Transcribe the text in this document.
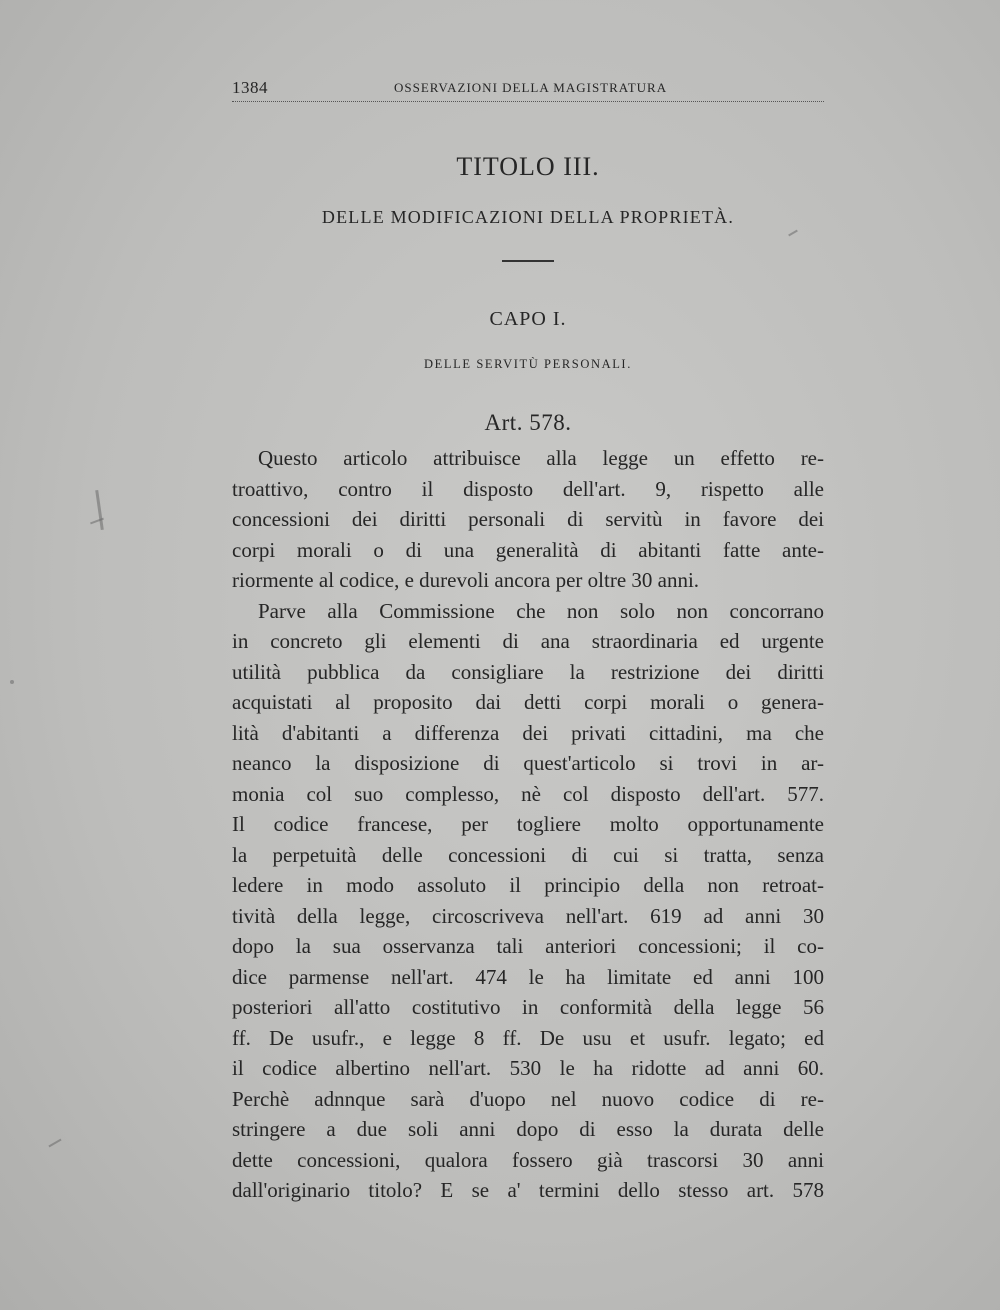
1384	OSSERVAZIONI DELLA MAGISTRATURA
TITOLO III.
DELLE MODIFICAZIONI DELLA PROPRIETÀ.
CAPO I.
DELLE SERVITÙ PERSONALI.
Art. 578.
Questo articolo attribuisce alla legge un effetto re-
troattivo, contro il disposto dell'art. 9, rispetto alle
concessioni dei diritti personali di servitù in favore dei
corpi morali o di una generalità di abitanti fatte ante-
riormente al codice, e durevoli ancora per oltre 30 anni.
Parve alla Commissione che non solo non concorrano
in concreto gli elementi di ana straordinaria ed urgente
utilità pubblica da consigliare la restrizione dei diritti
acquistati al proposito dai detti corpi morali o genera-
lità d'abitanti a differenza dei privati cittadini, ma che
neanco la disposizione di quest'articolo si trovi in ar-
monia col suo complesso, nè col disposto dell'art. 577.
Il codice francese, per togliere molto opportunamente
la perpetuità delle concessioni di cui si tratta, senza
ledere in modo assoluto il principio della non retroat-
tività della legge, circoscriveva nell'art. 619 ad anni 30
dopo la sua osservanza tali anteriori concessioni; il co-
dice parmense nell'art. 474 le ha limitate ed anni 100
posteriori all'atto costitutivo in conformità della legge 56
ff. De usufr., e legge 8 ff. De usu et usufr. legato; ed
il codice albertino nell'art. 530 le ha ridotte ad anni 60.
Perchè adnnque sarà d'uopo nel nuovo codice di re-
stringere a due soli anni dopo di esso la durata delle
dette concessioni, qualora fossero già trascorsi 30 anni
dall'originario titolo? E se a' termini dello stesso art. 578
